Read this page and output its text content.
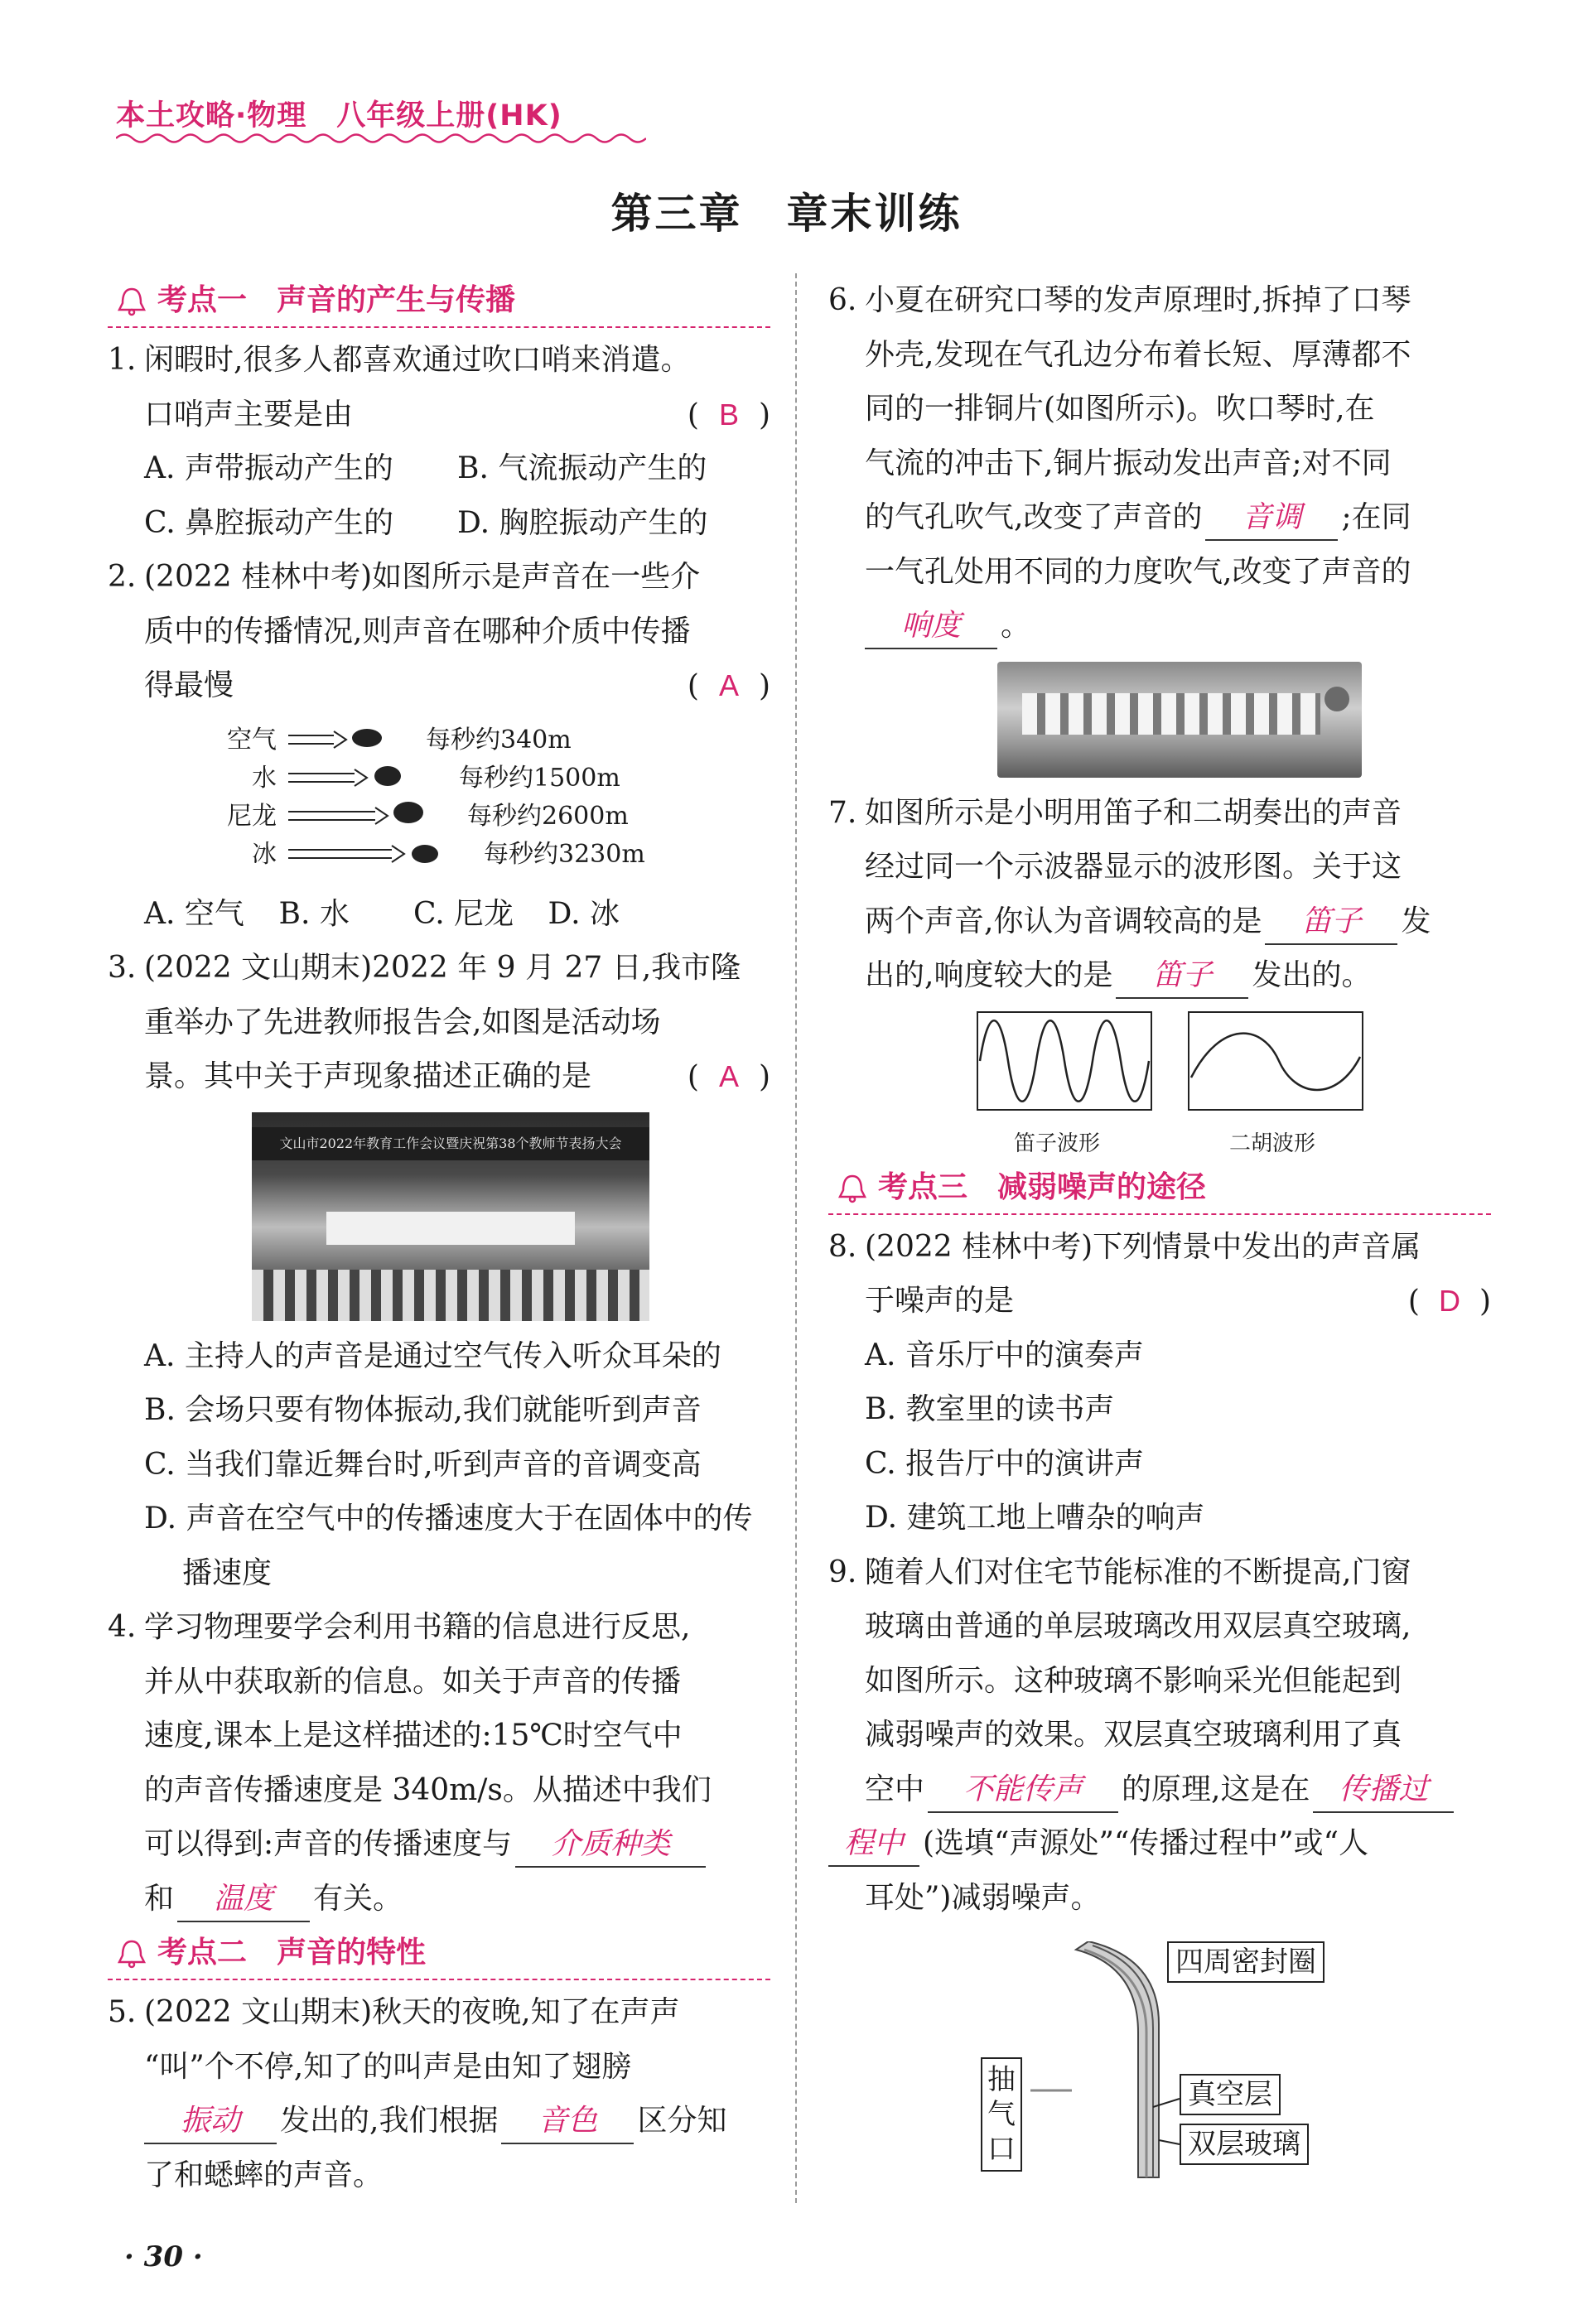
本土攻略·物理　八年级上册(HK)
第三章　章末训练
考点一 声音的产生与传播
1. 闲暇时,很多人都喜欢通过吹口哨来消遣。
口哨声主要是由	( B )
A. 声带振动产生的	B. 气流振动产生的
C. 鼻腔振动产生的	D. 胸腔振动产生的
2. (2022 桂林中考)如图所示是声音在一些介
质中的传播情况,则声音在哪种介质中传播
得最慢	( A )
空气
水
尼龙
冰
每秒约340m
每秒约1500m
每秒约2600m
每秒约3230m
A. 空气	B. 水	C. 尼龙	D. 冰
3. (2022 文山期末)2022 年 9 月 27 日,我市隆
重举办了先进教师报告会,如图是活动场
景。其中关于声现象描述正确的是	( A )
文山市2022年教育工作会议暨庆祝第38个教师节表扬大会
A. 主持人的声音是通过空气传入听众耳朵的
B. 会场只要有物体振动,我们就能听到声音
C. 当我们靠近舞台时,听到声音的音调变高
D. 声音在空气中的传播速度大于在固体中的传播速度
4. 学习物理要学会利用书籍的信息进行反思,
并从中获取新的信息。如关于声音的传播
速度,课本上是这样描述的:15℃时空气中
的声音传播速度是 340m/s。从描述中我们
可以得到:声音的传播速度与 介质种类
和 温度 有关。
考点二 声音的特性
5. (2022 文山期末)秋天的夜晚,知了在声声
“叫”个不停,知了的叫声是由知了翅膀
振动 发出的,我们根据 音色 区分知
了和蟋蟀的声音。
6. 小夏在研究口琴的发声原理时,拆掉了口琴
外壳,发现在气孔边分布着长短、厚薄都不
同的一排铜片(如图所示)。吹口琴时,在
气流的冲击下,铜片振动发出声音;对不同
的气孔吹气,改变了声音的 音调 ;在同
一气孔处用不同的力度吹气,改变了声音的
响度 。
7. 如图所示是小明用笛子和二胡奏出的声音
经过同一个示波器显示的波形图。关于这
两个声音,你认为音调较高的是 笛子 发
出的,响度较大的是 笛子 发出的。
笛子波形	二胡波形
考点三 减弱噪声的途径
8. (2022 桂林中考)下列情景中发出的声音属
于噪声的是	( D )
A. 音乐厅中的演奏声
B. 教室里的读书声
C. 报告厅中的演讲声
D. 建筑工地上嘈杂的响声
9. 随着人们对住宅节能标准的不断提高,门窗
玻璃由普通的单层玻璃改用双层真空玻璃,
如图所示。这种玻璃不影响采光但能起到
减弱噪声的效果。双层真空玻璃利用了真
空中 不能传声 的原理,这是在 传播过
程中 (选填“声源处”“传播过程中”或“人
耳处”)减弱噪声。
四周密封圈
真空层
双层玻璃
抽气口
· 30 ·
